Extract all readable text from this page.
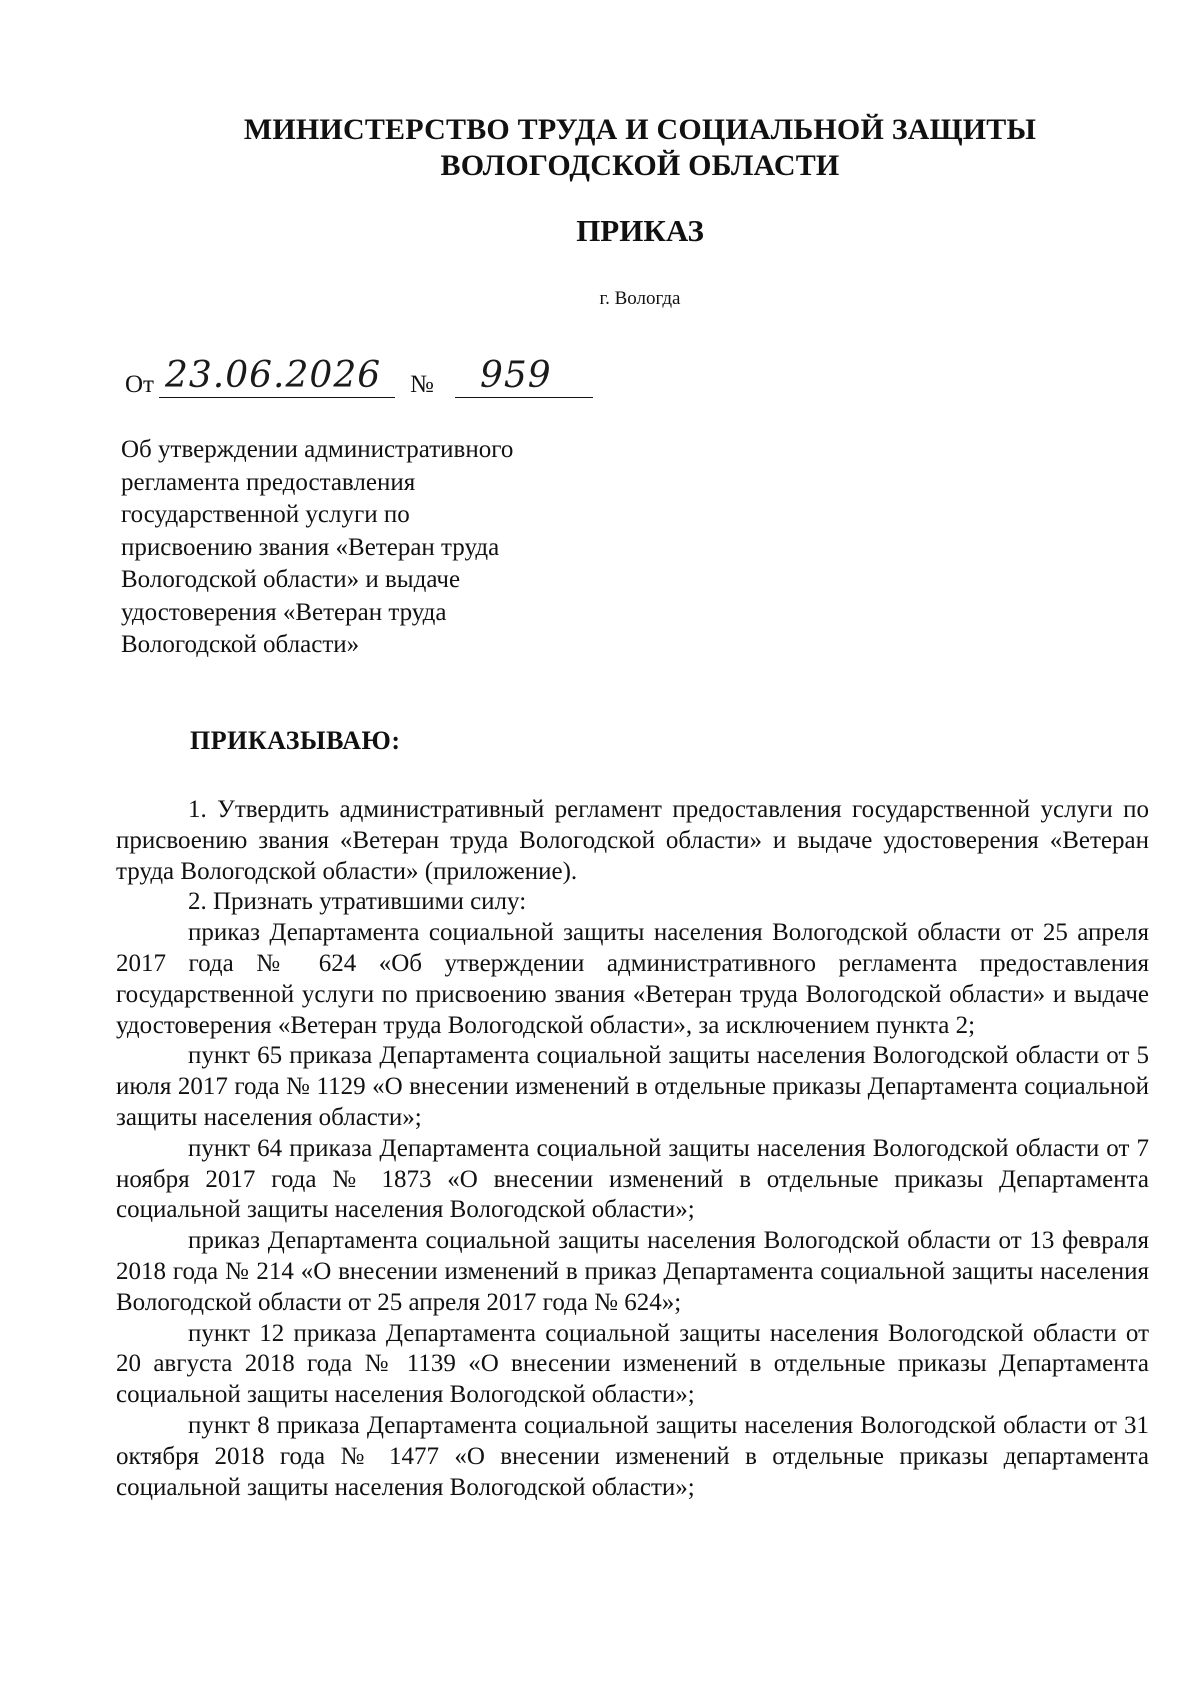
МИНИСТЕРСТВО ТРУДА И СОЦИАЛЬНОЙ ЗАЩИТЫ
ВОЛОГОДСКОЙ ОБЛАСТИ
ПРИКАЗ
г. Вологда
От 23.06.2026 № 959
Об утверждении административного
регламента предоставления
государственной услуги по
присвоению звания «Ветеран труда
Вологодской области» и выдаче
удостоверения «Ветеран труда
Вологодской области»
ПРИКАЗЫВАЮ:

1. Утвердить административный регламент предоставления государственной услуги по присвоению звания «Ветеран труда Вологодской области» и выдаче удостоверения «Ветеран труда Вологодской области» (приложение).

2. Признать утратившими силу:

приказ Департамента социальной защиты населения Вологодской области от 25 апреля 2017 года № 624 «Об утверждении административного регламента предоставления государственной услуги по присвоению звания «Ветеран труда Вологодской области» и выдаче удостоверения «Ветеран труда Вологодской области», за исключением пункта 2;

пункт 65 приказа Департамента социальной защиты населения Вологодской области от 5 июля 2017 года № 1129 «О внесении изменений в отдельные приказы Департамента социальной защиты населения области»;

пункт 64 приказа Департамента социальной защиты населения Вологодской области от 7 ноября 2017 года № 1873 «О внесении изменений в отдельные приказы Департамента социальной защиты населения Вологодской области»;

приказ Департамента социальной защиты населения Вологодской области от 13 февраля 2018 года № 214 «О внесении изменений в приказ Департамента социальной защиты населения Вологодской области от 25 апреля 2017 года № 624»;

пункт 12 приказа Департамента социальной защиты населения Вологодской области от 20 августа 2018 года № 1139 «О внесении изменений в отдельные приказы Департамента социальной защиты населения Вологодской области»;

пункт 8 приказа Департамента социальной защиты населения Вологодской области от 31 октября 2018 года № 1477 «О внесении изменений в отдельные приказы департамента социальной защиты населения Вологодской области»;
